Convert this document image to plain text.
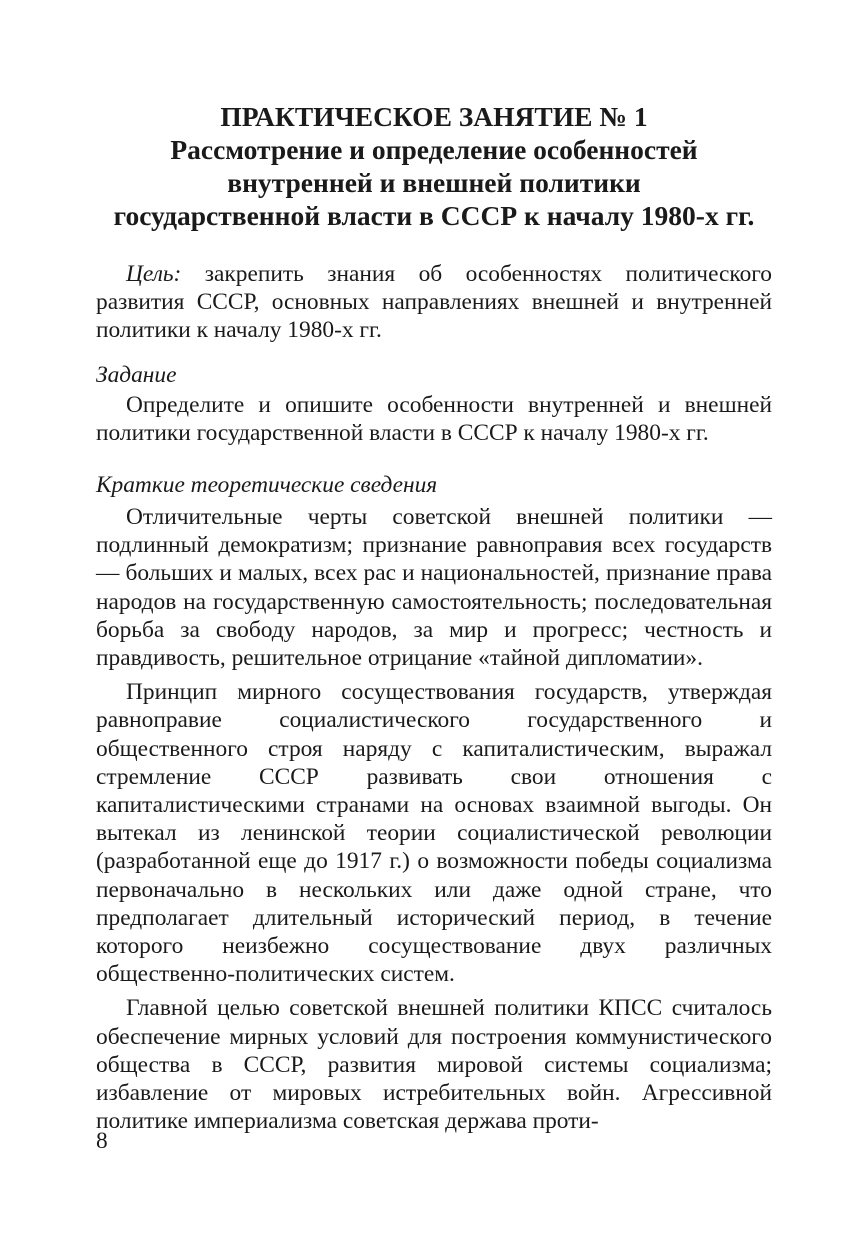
ПРАКТИЧЕСКОЕ ЗАНЯТИЕ № 1
Рассмотрение и определение особенностей
внутренней и внешней политики
государственной власти в СССР к началу 1980-х гг.

Цель: закрепить знания об особенностях политического развития СССР, основных направлениях внешней и внутренней политики к началу 1980-х гг.

Задание

Определите и опишите особенности внутренней и внешней политики государственной власти в СССР к началу 1980-х гг.

Краткие теоретические сведения

Отличительные черты советской внешней политики — подлинный демократизм; признание равноправия всех государств — больших и малых, всех рас и национальностей, признание права народов на государственную самостоятельность; последовательная борьба за свободу народов, за мир и прогресс; честность и правдивость, решительное отрицание «тайной дипломатии».

Принцип мирного сосуществования государств, утверждая равноправие социалистического государственного и общественного строя наряду с капиталистическим, выражал стремление СССР развивать свои отношения с капиталистическими странами на основах взаимной выгоды. Он вытекал из ленинской теории социалистической революции (разработанной еще до 1917 г.) о возможности победы социализма первоначально в нескольких или даже одной стране, что предполагает длительный исторический период, в течение которого неизбежно сосуществование двух различных общественно-политических систем.

Главной целью советской внешней политики КПСС считалось обеспечение мирных условий для построения коммунистического общества в СССР, развития мировой системы социализма; избавление от мировых истребительных войн. Агрессивной политике империализма советская держава проти-

8
